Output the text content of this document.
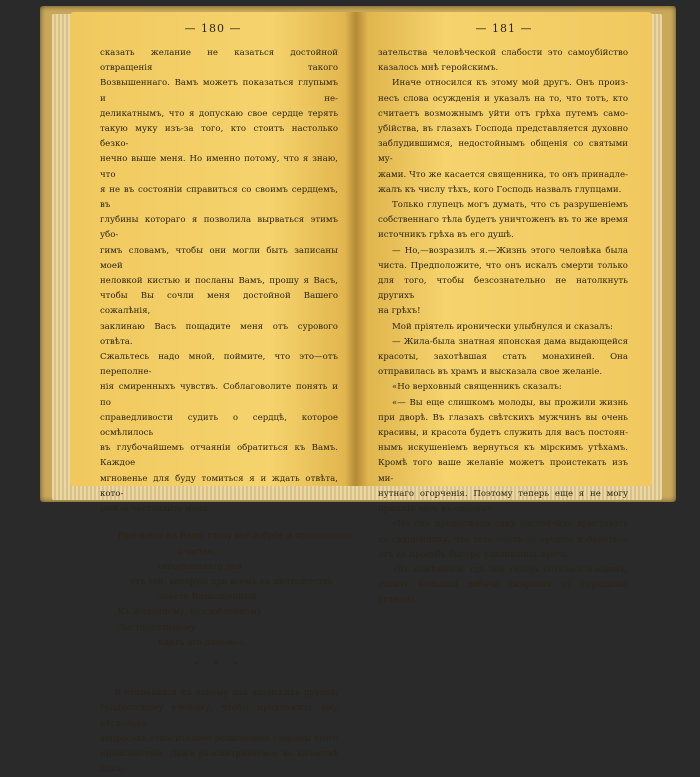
— 180 —
сказать желание не казаться достойной отвращенія такого
Возвышеннаго. Вамъ можетъ показаться глупымъ и не-
деликатнымъ, что я допускаю свое сердце терять
такую муку изъ-за того, кто стоитъ настолько безко-
нечно выше меня. Но именно потому, что я знаю, что
я не въ состояніи справиться со своимъ сердцемъ, въ
глубины котораго я позволила вырваться этимъ убо-
гимъ словамъ, чтобы они могли быть записаны моей
неловкой кистью и посланы Вамъ, прошу я Васъ,
чтобы Вы сочли меня достойной Вашего сожалѣнія,
заклинаю Васъ пощадите меня отъ сурового отвѣта.
Сжальтесь надо мной, поймите, что это—отъ переполне-
нія смиренныхъ чувствъ. Соблаговолите понять и по
справедливости судить о сердцѣ, которое осмѣлилось
въ глубочайшемъ отчаяніи обратиться къ Вамъ. Каждое
мгновенье для буду томиться я и ждать отвѣта, кото-
рый осчастливить меня.
Призывая на Вашу главу все доброе и приносящее
счастье,
сегодняшняго дня
отъ той, которую при всемъ ея ничтожествѣ
знаетъ Возвышенный.
Къ желанному, возлюбленному
Достопочтимому
идетъ это письмо».
* * *
Я отправился къ одному изъ японскихъ друзей,
буддистскому ученому, чтобы предложить ему нѣсколько
вопросовъ относительно религіозной стороны этого
происшествія. Даже разсматриваемое въ качествѣ дока-
— 181 —
зательства человѣческой слабости это самоубійство
казалось мнѣ геройскимъ.
Иначе относился къ этому мой другъ. Онъ произ-
несъ слова осужденія и указалъ на то, что тотъ, кто
считаетъ возможнымъ уйти отъ грѣха путемъ само-
убійства, въ глазахъ Господа представляется духовно
заблудившимся, недостойнымъ общенія со святыми му-
жами. Что же касается священника, то онъ принадле-
жалъ къ числу тѣхъ, кого Господь назвалъ глупцами.
Только глупецъ могъ думать, что съ разрушеніемъ
собственнаго тѣла будетъ уничтоженъ въ то же время
источникъ грѣха въ его душѣ.
— Но,—возразилъ я.—Жизнь этого человѣка была
чиста. Предположите, что онъ искалъ смерти только
для того, чтобы безсознательно не натолкнуть другихъ
на грѣхъ!
Мой пріятель иронически улыбнулся и сказалъ:
— Жила-была знатная японская дама выдающейся
красоты, захотѣвшая стать монахиней. Она
отправилась въ храмъ и высказала свое желаніе.
«Но верховный священникъ сказалъ:
«— Вы еще слишкомъ молоды, вы прожили жизнь
при дворѣ. Въ глазахъ свѣтскихъ мужчинъ вы очень
красивы, и красота будетъ служить для васъ постоян-
нымъ искушеніемъ вернуться къ мірскимъ утѣхамъ.
Кромѣ того ваше желаніе можетъ проистекать изъ ми-
нутнаго огорченія. Поэтому теперь еще я не могу
принять васъ въ орденъ».
«Но она продолжала такъ настойчиво приставать
къ священнику, что тотъ счелъ за лучшее избавиться
отъ ея просьбъ быстро удалившись прочь.
«Въ помѣщеніи, гдѣ она теперь осталась наединѣ,
стоялъ большой хибачи (жаровня съ горящими углями).
